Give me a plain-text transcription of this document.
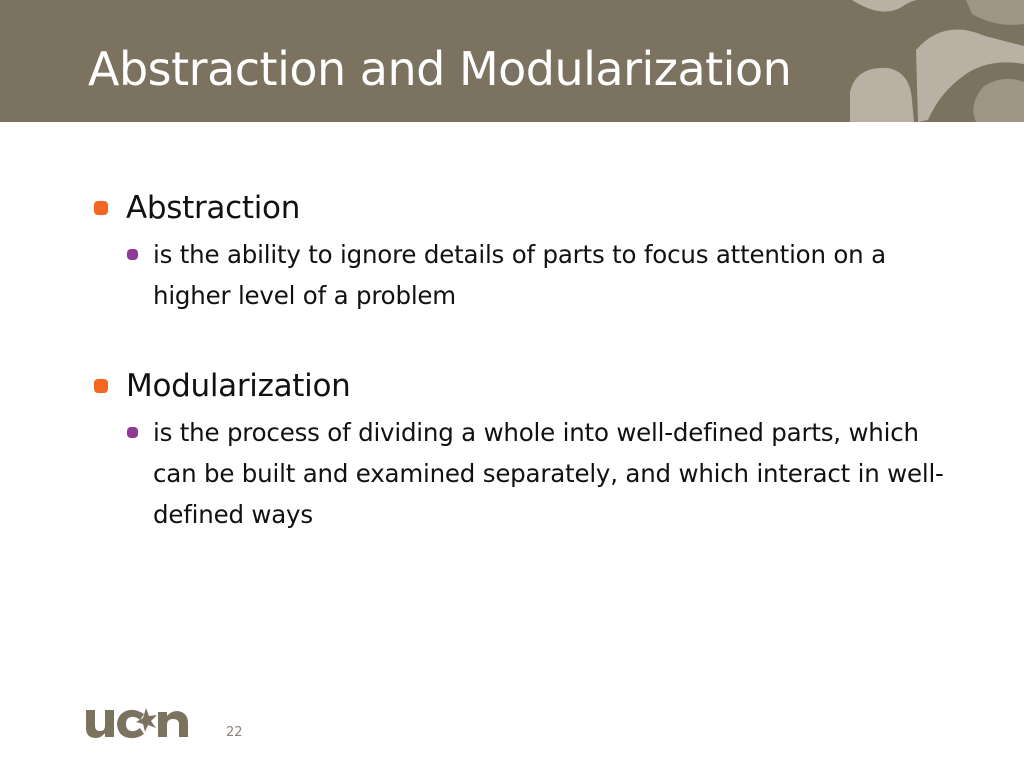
Abstraction and Modularization
Abstraction
is the ability to ignore details of parts to focus attention on a higher level of a problem
Modularization
is the process of dividing a whole into well-defined parts, which can be built and examined separately, and which interact in well-defined ways
22
